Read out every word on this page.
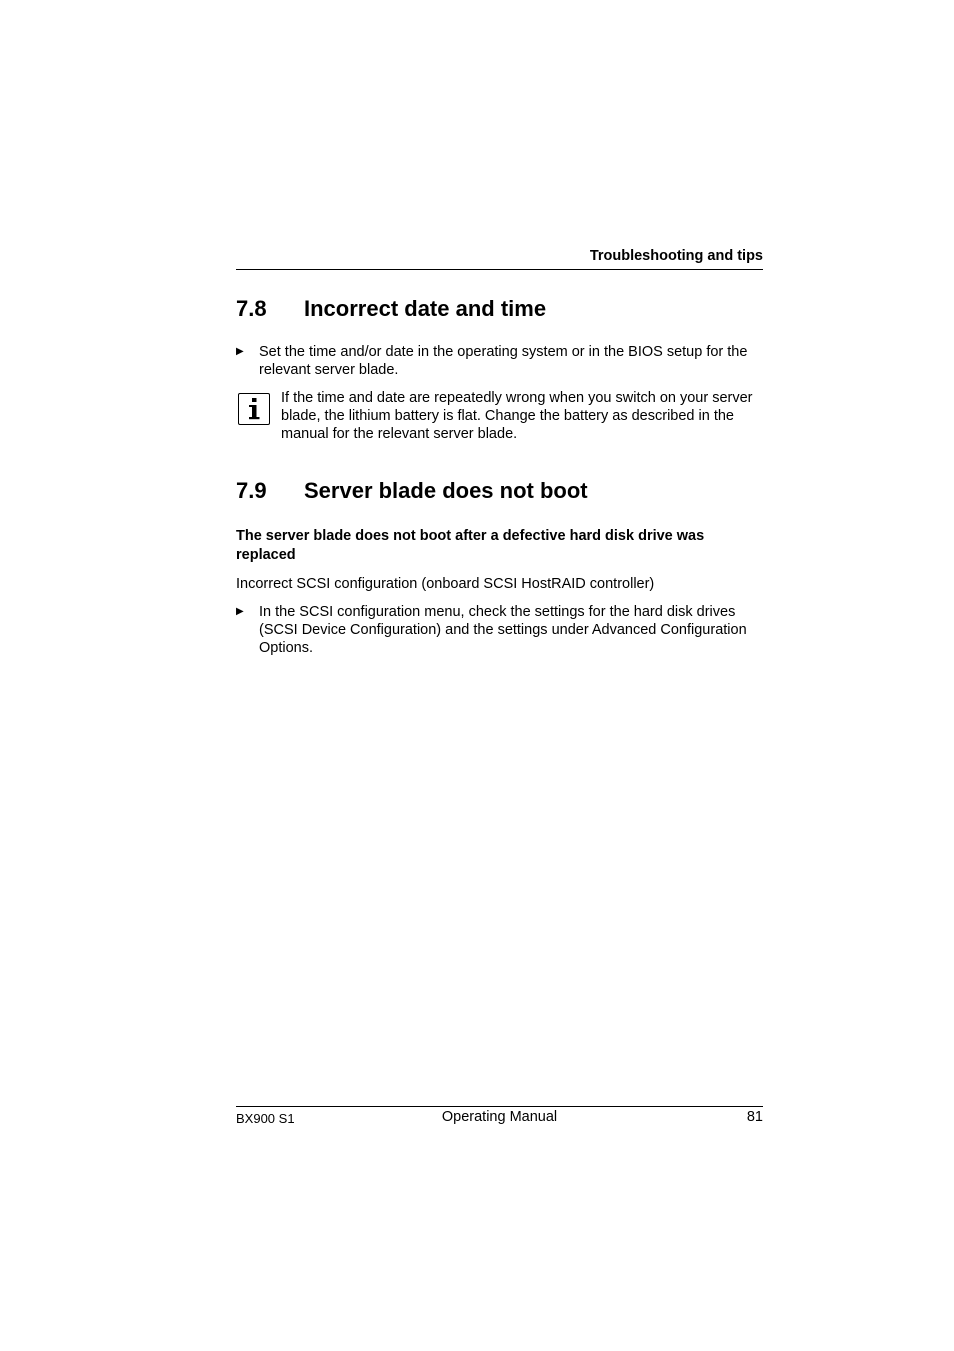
Troubleshooting and tips
7.8	Incorrect date and time
▶ Set the time and/or date in the operating system or in the BIOS setup for the relevant server blade.
If the time and date are repeatedly wrong when you switch on your server blade, the lithium battery is flat. Change the battery as described in the manual for the relevant server blade.
7.9	Server blade does not boot
The server blade does not boot after a defective hard disk drive was replaced
Incorrect SCSI configuration (onboard SCSI HostRAID controller)
▶ In the SCSI configuration menu, check the settings for the hard disk drives (SCSI Device Configuration) and the settings under Advanced Configuration Options.
BX900 S1	Operating Manual	81
